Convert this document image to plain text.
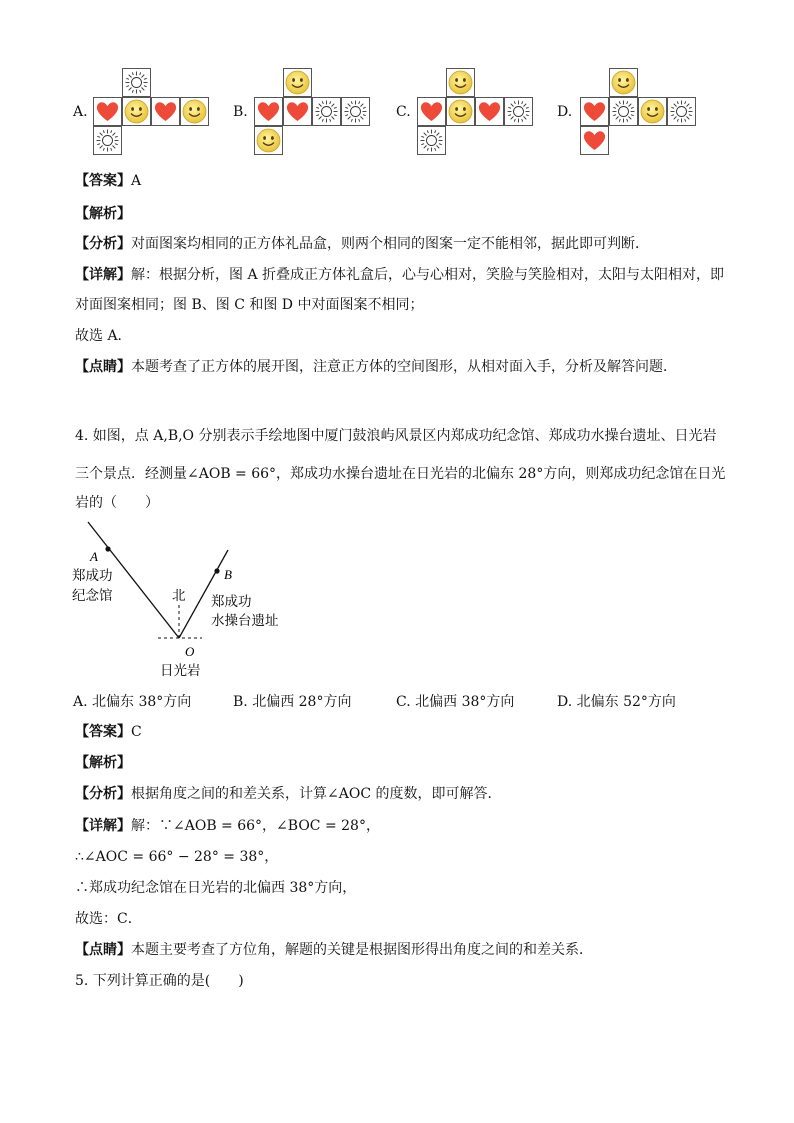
A.	B.	C.	D.
【答案】A
【解析】
【分析】对面图案均相同的正方体礼品盒，则两个相同的图案一定不能相邻，据此即可判断．
【详解】解：根据分析，图 A 折叠成正方体礼盒后，心与心相对，笑脸与笑脸相对，太阳与太阳相对，即
对面图案相同；图 B、图 C 和图 D 中对面图案不相同；
故选 A．
【点睛】本题考查了正方体的展开图，注意正方体的空间图形，从相对面入手，分析及解答问题．
4. 如图，点 A,B,O 分别表示手绘地图中厦门鼓浪屿风景区内郑成功纪念馆、郑成功水操台遗址、日光岩
三个景点．经测量∠AOB = 66°，郑成功水操台遗址在日光岩的北偏东 28°方向，则郑成功纪念馆在日光
岩的（　　）
A
郑成功
纪念馆
B
郑成功
水操台遗址
北
O
日光岩
A. 北偏东 38°方向	B. 北偏西 28°方向	C. 北偏西 38°方向	D. 北偏东 52°方向
【答案】C
【解析】
【分析】根据角度之间的和差关系，计算∠AOC 的度数，即可解答．
【详解】解：∵∠AOB = 66°，∠BOC = 28°，
∴∠AOC = 66° − 28° = 38°，
∴郑成功纪念馆在日光岩的北偏西 38°方向，
故选：C．
【点睛】本题主要考查了方位角，解题的关键是根据图形得出角度之间的和差关系．
5. 下列计算正确的是(　　)
